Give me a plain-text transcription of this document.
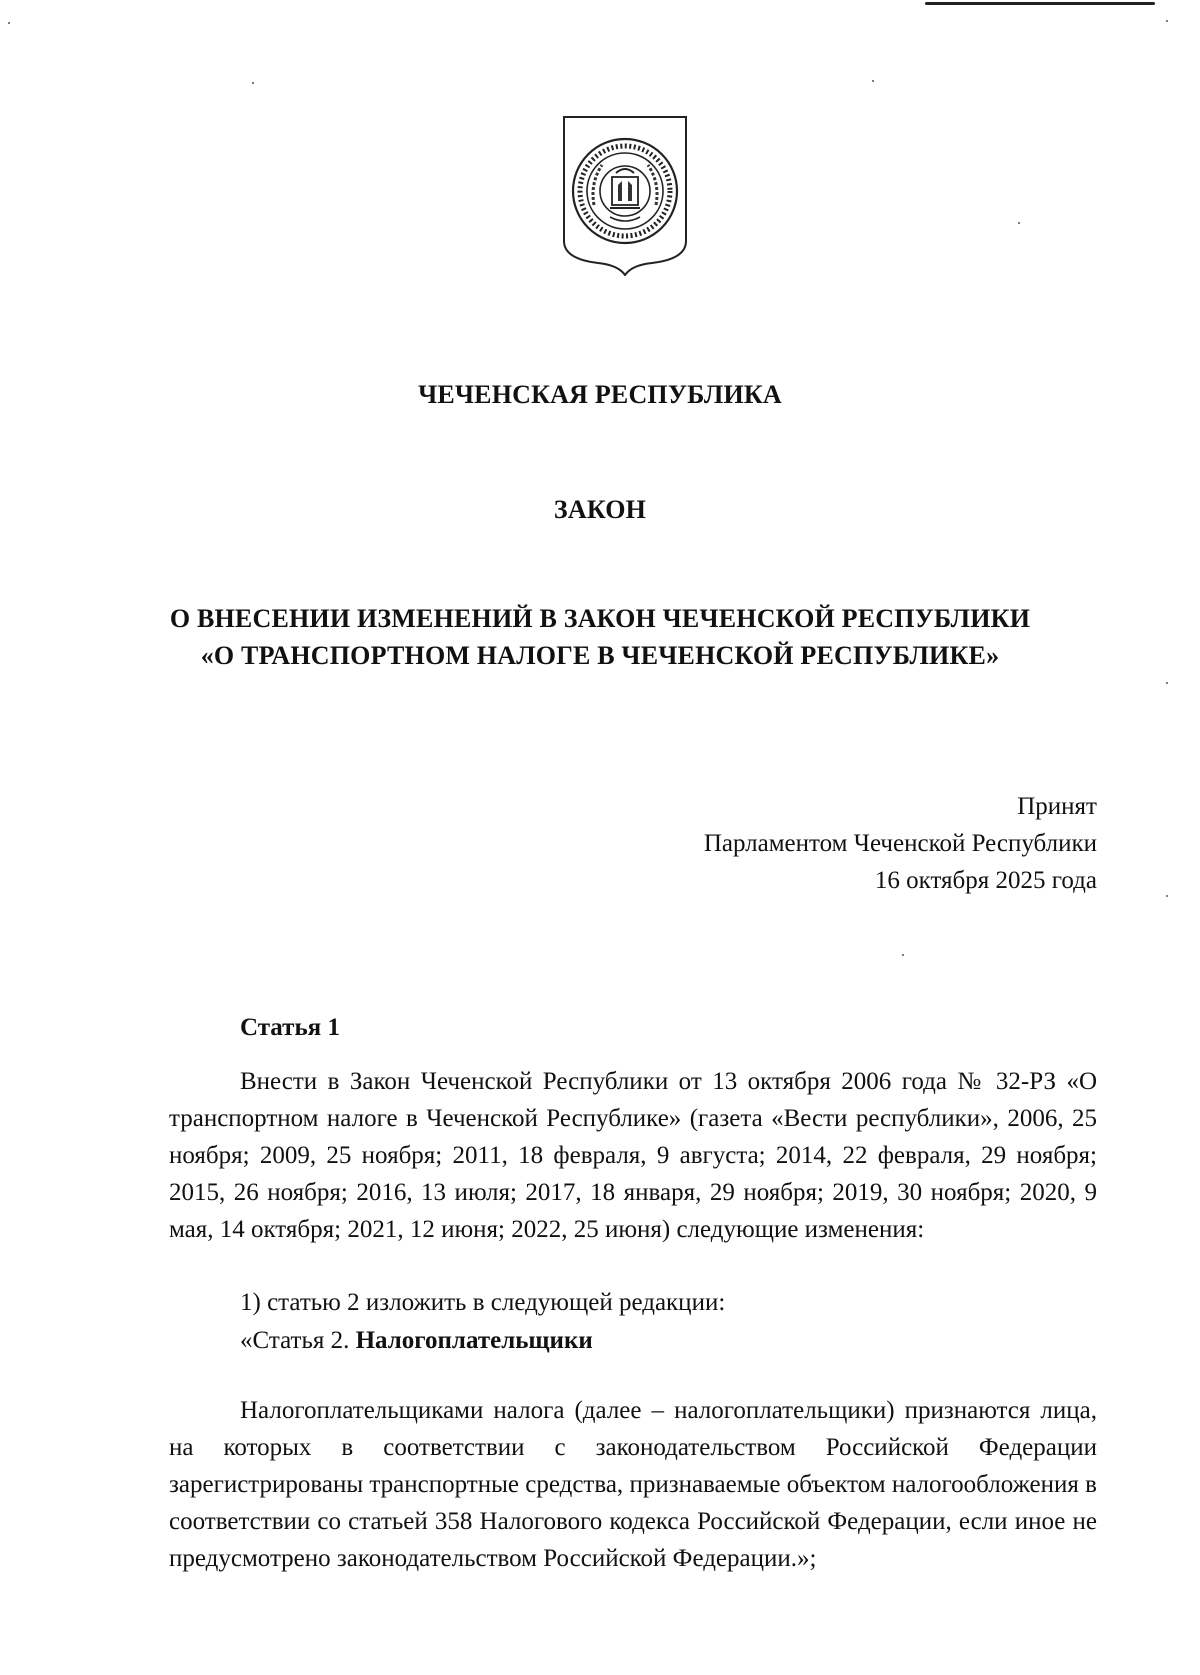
ЧЕЧЕНСКАЯ РЕСПУБЛИКА
ЗАКОН
О ВНЕСЕНИИ ИЗМЕНЕНИЙ В ЗАКОН ЧЕЧЕНСКОЙ РЕСПУБЛИКИ
«О ТРАНСПОРТНОМ НАЛОГЕ В ЧЕЧЕНСКОЙ РЕСПУБЛИКЕ»
Принят
Парламентом Чеченской Республики
16 октября 2025 года
Статья 1

Внести в Закон Чеченской Республики от 13 октября 2006 года № 32-РЗ «О транспортном налоге в Чеченской Республике» (газета «Вести республики», 2006, 25 ноября; 2009, 25 ноября; 2011, 18 февраля, 9 августа; 2014, 22 февраля, 29 ноября; 2015, 26 ноября; 2016, 13 июля; 2017, 18 января, 29 ноября; 2019, 30 ноября; 2020, 9 мая, 14 октября; 2021, 12 июня; 2022, 25 июня) следующие изменения:

1) статью 2 изложить в следующей редакции:
«Статья 2. Налогоплательщики

Налогоплательщиками налога (далее – налогоплательщики) признаются лица, на которых в соответствии с законодательством Российской Федерации зарегистрированы транспортные средства, признаваемые объектом налогообложения в соответствии со статьей 358 Налогового кодекса Российской Федерации, если иное не предусмотрено законодательством Российской Федерации.»;
